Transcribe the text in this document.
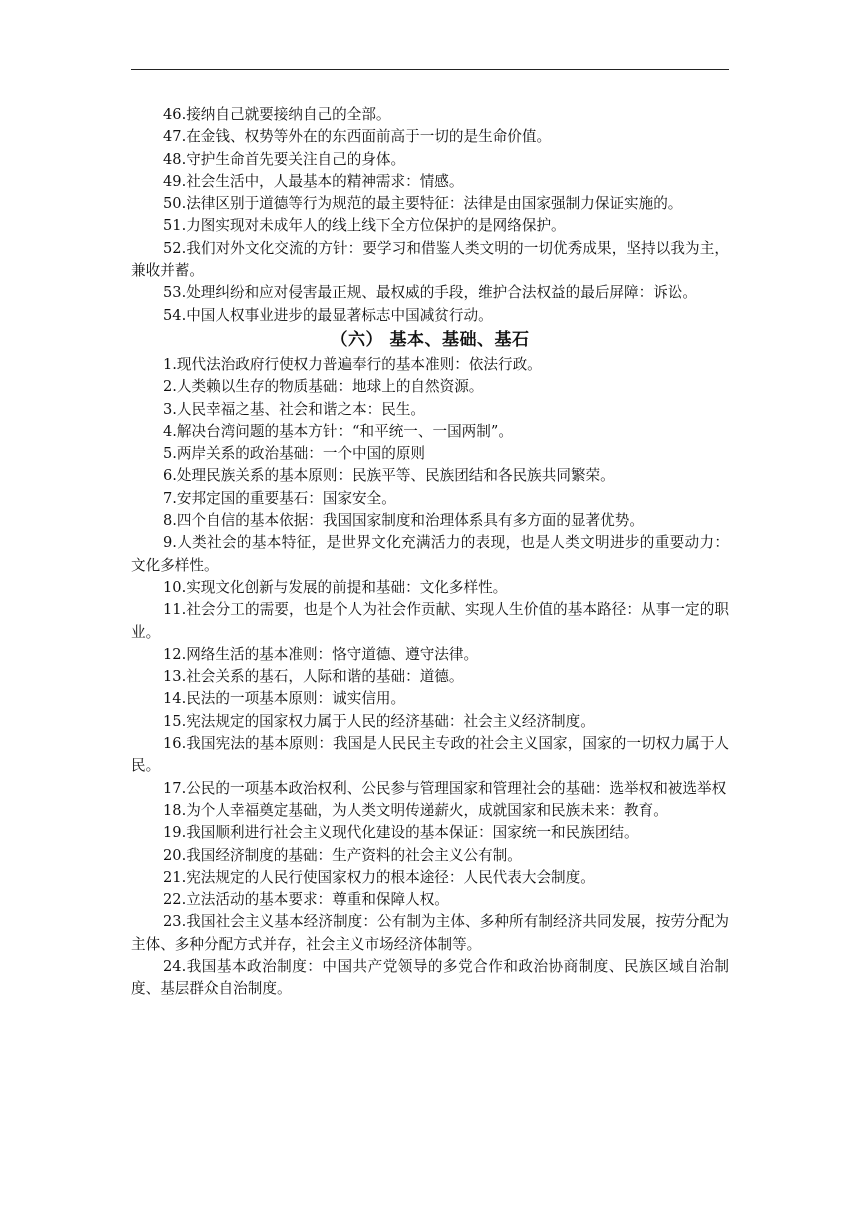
46.接纳自己就要接纳自己的全部。

47.在金钱、权势等外在的东西面前高于一切的是生命价值。

48.守护生命首先要关注自己的身体。

49.社会生活中，人最基本的精神需求：情感。

50.法律区别于道德等行为规范的最主要特征：法律是由国家强制力保证实施的。

51.力图实现对未成年人的线上线下全方位保护的是网络保护。

52.我们对外文化交流的方针：要学习和借鉴人类文明的一切优秀成果，坚持以我为主，兼收并蓄。

53.处理纠纷和应对侵害最正规、最权威的手段，维护合法权益的最后屏障：诉讼。

54.中国人权事业进步的最显著标志中国减贫行动。

（六） 基本、基础、基石

1.现代法治政府行使权力普遍奉行的基本准则：依法行政。

2.人类赖以生存的物质基础：地球上的自然资源。

3.人民幸福之基、社会和谐之本：民生。

4.解决台湾问题的基本方针：“和平统一、一国两制”。

5.两岸关系的政治基础：一个中国的原则

6.处理民族关系的基本原则：民族平等、民族团结和各民族共同繁荣。

7.安邦定国的重要基石：国家安全。

8.四个自信的基本依据：我国国家制度和治理体系具有多方面的显著优势。

9.人类社会的基本特征，是世界文化充满活力的表现，也是人类文明进步的重要动力：文化多样性。

10.实现文化创新与发展的前提和基础：文化多样性。

11.社会分工的需要，也是个人为社会作贡献、实现人生价值的基本路径：从事一定的职业。

12.网络生活的基本准则：恪守道德、遵守法律。

13.社会关系的基石，人际和谐的基础：道德。

14.民法的一项基本原则：诚实信用。

15.宪法规定的国家权力属于人民的经济基础：社会主义经济制度。

16.我国宪法的基本原则：我国是人民民主专政的社会主义国家，国家的一切权力属于人民。

17.公民的一项基本政治权利、公民参与管理国家和管理社会的基础：选举权和被选举权

18.为个人幸福奠定基础，为人类文明传递薪火，成就国家和民族未来：教育。

19.我国顺利进行社会主义现代化建设的基本保证：国家统一和民族团结。

20.我国经济制度的基础：生产资料的社会主义公有制。

21.宪法规定的人民行使国家权力的根本途径：人民代表大会制度。

22.立法活动的基本要求：尊重和保障人权。

23.我国社会主义基本经济制度：公有制为主体、多种所有制经济共同发展，按劳分配为主体、多种分配方式并存，社会主义市场经济体制等。

24.我国基本政治制度：中国共产党领导的多党合作和政治协商制度、民族区域自治制度、基层群众自治制度。
